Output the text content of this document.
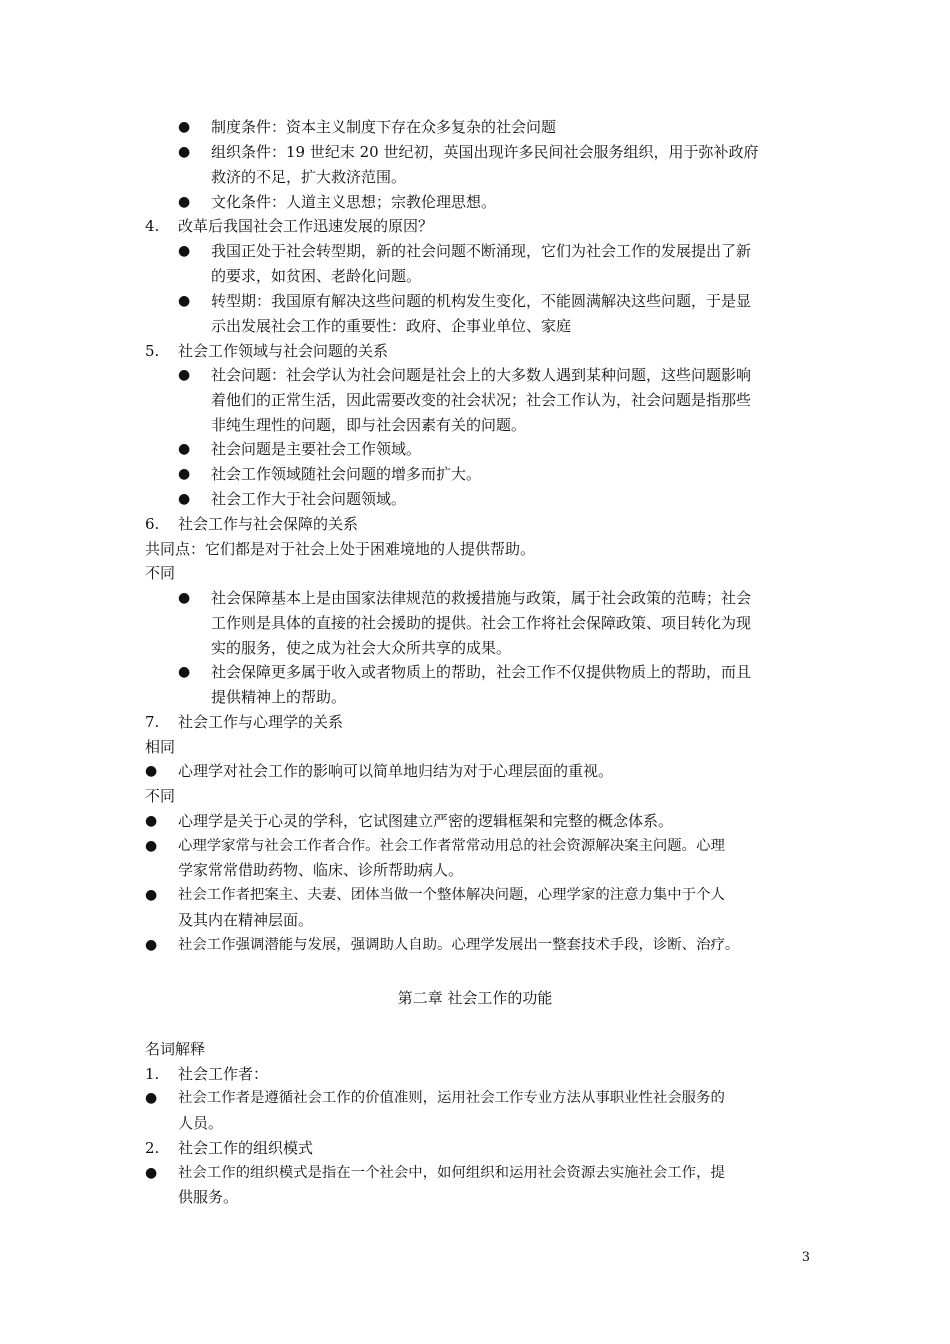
● 制度条件：资本主义制度下存在众多复杂的社会问题
● 组织条件：19 世纪末 20 世纪初，英国出现许多民间社会服务组织，用于弥补政府
救济的不足，扩大救济范围。
● 文化条件：人道主义思想；宗教伦理思想。
4. 改革后我国社会工作迅速发展的原因？
● 我国正处于社会转型期，新的社会问题不断涌现，它们为社会工作的发展提出了新
的要求，如贫困、老龄化问题。
● 转型期：我国原有解决这些问题的机构发生变化，不能圆满解决这些问题，于是显
示出发展社会工作的重要性：政府、企事业单位、家庭
5. 社会工作领域与社会问题的关系
● 社会问题：社会学认为社会问题是社会上的大多数人遇到某种问题，这些问题影响
着他们的正常生活，因此需要改变的社会状况；社会工作认为，社会问题是指那些
非纯生理性的问题，即与社会因素有关的问题。
● 社会问题是主要社会工作领域。
● 社会工作领域随社会问题的增多而扩大。
● 社会工作大于社会问题领域。
6. 社会工作与社会保障的关系
共同点：它们都是对于社会上处于困难境地的人提供帮助。
不同
● 社会保障基本上是由国家法律规范的救援措施与政策，属于社会政策的范畴；社会
工作则是具体的直接的社会援助的提供。社会工作将社会保障政策、项目转化为现
实的服务，使之成为社会大众所共享的成果。
● 社会保障更多属于收入或者物质上的帮助，社会工作不仅提供物质上的帮助，而且
提供精神上的帮助。
7. 社会工作与心理学的关系
相同
● 心理学对社会工作的影响可以简单地归结为对于心理层面的重视。
不同
● 心理学是关于心灵的学科，它试图建立严密的逻辑框架和完整的概念体系。
● 心理学家常与社会工作者合作。社会工作者常常动用总的社会资源解决案主问题。心理
学家常常借助药物、临床、诊所帮助病人。
● 社会工作者把案主、夫妻、团体当做一个整体解决问题，心理学家的注意力集中于个人
及其内在精神层面。
● 社会工作强调潜能与发展，强调助人自助。心理学发展出一整套技术手段，诊断、治疗。
第二章 社会工作的功能
名词解释
1. 社会工作者：
● 社会工作者是遵循社会工作的价值准则，运用社会工作专业方法从事职业性社会服务的
人员。
2. 社会工作的组织模式
● 社会工作的组织模式是指在一个社会中，如何组织和运用社会资源去实施社会工作，提
供服务。
3
